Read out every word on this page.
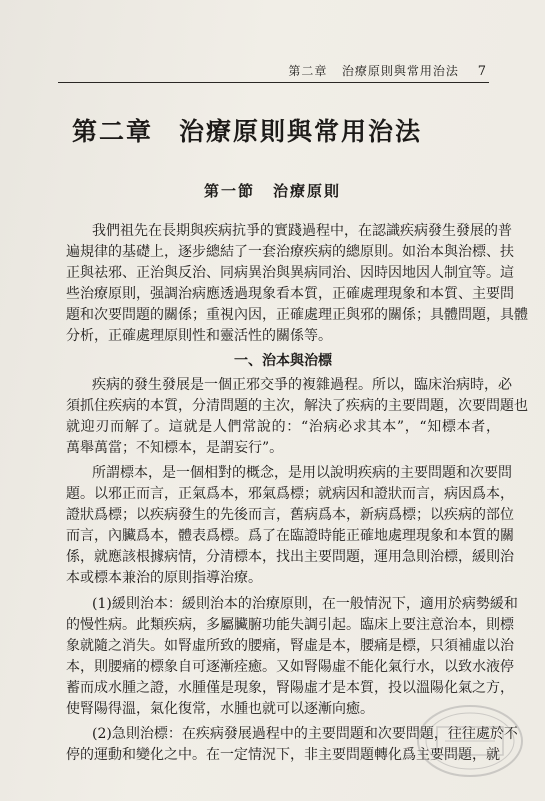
第二章 治療原則與常用治法 7
第二章 治療原則與常用治法
第一節 治療原則
我們祖先在長期與疾病抗爭的實踐過程中，在認識疾病發生發展的普
遍規律的基礎上，逐步總結了一套治療疾病的總原則。如治本與治標、扶
正與祛邪、正治與反治、同病異治與異病同治、因時因地因人制宜等。這
些治療原則，强調治病應透過現象看本質，正確處理現象和本質、主要問
題和次要問題的關係；重視內因，正確處理正與邪的關係；具體問題，具體
分析，正確處理原則性和靈活性的關係等。
一、治本與治標
疾病的發生發展是一個正邪交爭的複雜過程。所以，臨床治病時，必
須抓住疾病的本質，分清問題的主次，解決了疾病的主要問題，次要問題也
就迎刃而解了。這就是人們常說的：“治病必求其本”，“知標本者，
萬舉萬當；不知標本，是謂妄行”。
所謂標本，是一個相對的概念，是用以說明疾病的主要問題和次要問
題。以邪正而言，正氣爲本，邪氣爲標；就病因和證狀而言，病因爲本，
證狀爲標；以疾病發生的先後而言，舊病爲本，新病爲標；以疾病的部位
而言，內臟爲本，體表爲標。爲了在臨證時能正確地處理現象和本質的關
係，就應該根據病情，分清標本，找出主要問題，運用急則治標，緩則治
本或標本兼治的原則指導治療。
(1)緩則治本：緩則治本的治療原則，在一般情況下，適用於病勢緩和
的慢性病。此類疾病，多屬臟腑功能失調引起。臨床上要注意治本，則標
象就隨之消失。如腎虛所致的腰痛，腎虛是本，腰痛是標，只須補虛以治
本，則腰痛的標象自可逐漸痊癒。又如腎陽虛不能化氣行水，以致水液停
蓄而成水腫之證，水腫僅是現象，腎陽虛才是本質，投以溫陽化氣之方，
使腎陽得溫，氣化復常，水腫也就可以逐漸向癒。
(2)急則治標：在疾病發展過程中的主要問題和次要問題，往往處於不
停的運動和變化之中。在一定情況下，非主要問題轉化爲主要問題，就
